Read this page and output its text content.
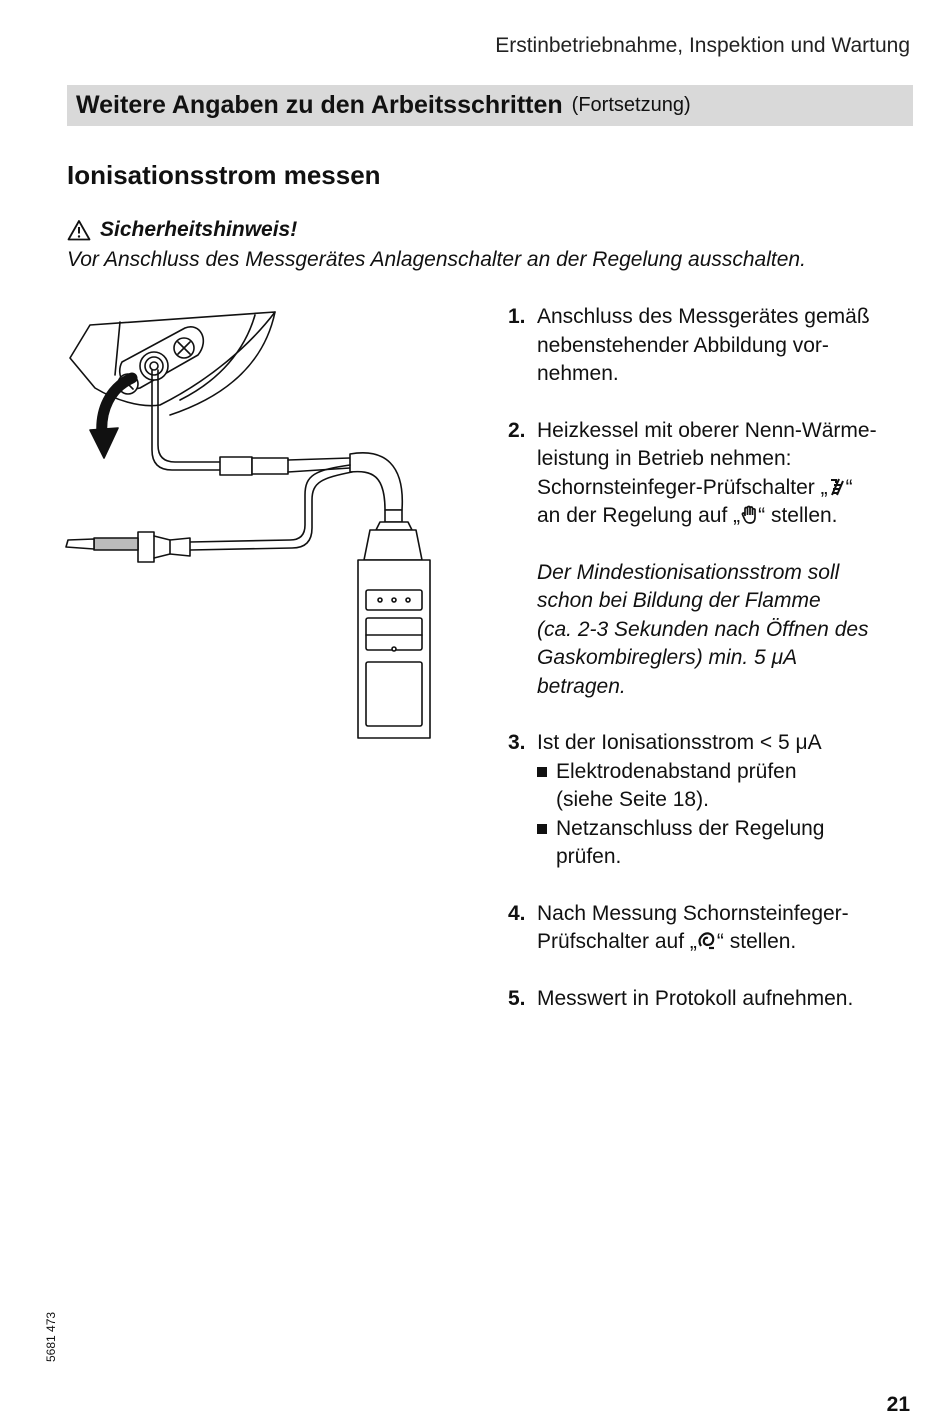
Erstinbetriebnahme, Inspektion und Wartung
Weitere Angaben zu den Arbeitsschritten (Fortsetzung)
Ionisationsstrom messen
Sicherheitshinweis!
Vor Anschluss des Messgerätes Anlagenschalter an der Regelung ausschalten.
1. Anschluss des Messgerätes gemäß
nebenstehender Abbildung vor-
nehmen.
2. Heizkessel mit oberer Nenn-Wärme-
leistung in Betrieb nehmen:
Schornsteinfeger-Prüfschalter „ “
an der Regelung auf „ “ stellen.
Der Mindestionisationsstrom soll
schon bei Bildung der Flamme
(ca. 2-3 Sekunden nach Öffnen des
Gaskombireglers) min. 5 μA
betragen.
3. Ist der Ionisationsstrom < 5 μA
Elektrodenabstand prüfen
(siehe Seite 18).
Netzanschluss der Regelung
prüfen.
4. Nach Messung Schornsteinfeger-
Prüfschalter auf „ “ stellen.
5. Messwert in Protokoll aufnehmen.
5681 473
21
